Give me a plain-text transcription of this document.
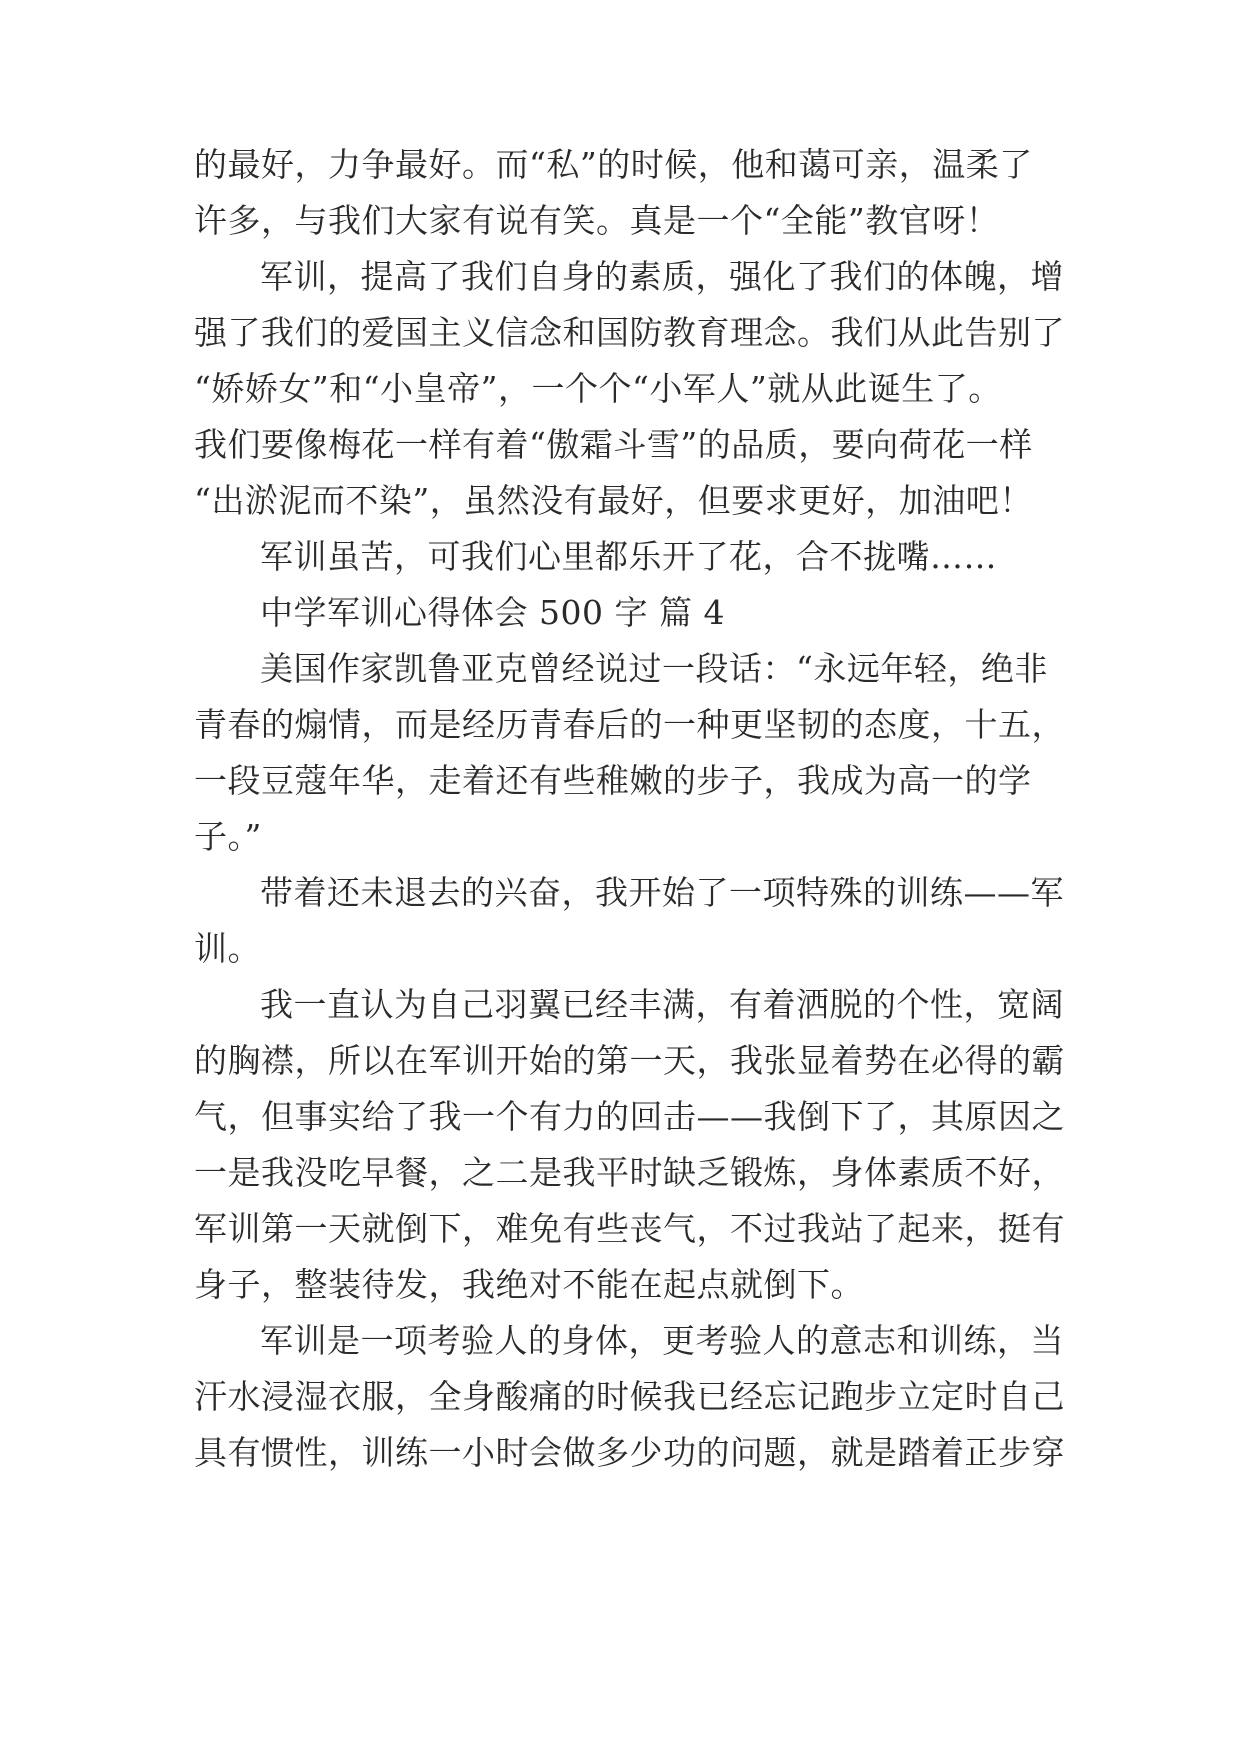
的最好，力争最好。而“私”的时候，他和蔼可亲，温柔了
许多，与我们大家有说有笑。真是一个“全能”教官呀！
军训，提高了我们自身的素质，强化了我们的体魄，增
强了我们的爱国主义信念和国防教育理念。我们从此告别了
“娇娇女”和“小皇帝”，一个个“小军人”就从此诞生了。
我们要像梅花一样有着“傲霜斗雪”的品质，要向荷花一样
“出淤泥而不染”，虽然没有最好，但要求更好，加油吧！
军训虽苦，可我们心里都乐开了花，合不拢嘴……
中学军训心得体会 500 字 篇 4
美国作家凯鲁亚克曾经说过一段话：“永远年轻，绝非
青春的煽情，而是经历青春后的一种更坚韧的态度，十五，
一段豆蔻年华，走着还有些稚嫩的步子，我成为高一的学
子。”
带着还未退去的兴奋，我开始了一项特殊的训练——军
训。
我一直认为自己羽翼已经丰满，有着洒脱的个性，宽阔
的胸襟，所以在军训开始的第一天，我张显着势在必得的霸
气，但事实给了我一个有力的回击——我倒下了，其原因之
一是我没吃早餐，之二是我平时缺乏锻炼，身体素质不好，
军训第一天就倒下，难免有些丧气，不过我站了起来，挺有
身子，整装待发，我绝对不能在起点就倒下。
军训是一项考验人的身体，更考验人的意志和训练，当
汗水浸湿衣服，全身酸痛的时候我已经忘记跑步立定时自己
具有惯性，训练一小时会做多少功的问题，就是踏着正步穿
